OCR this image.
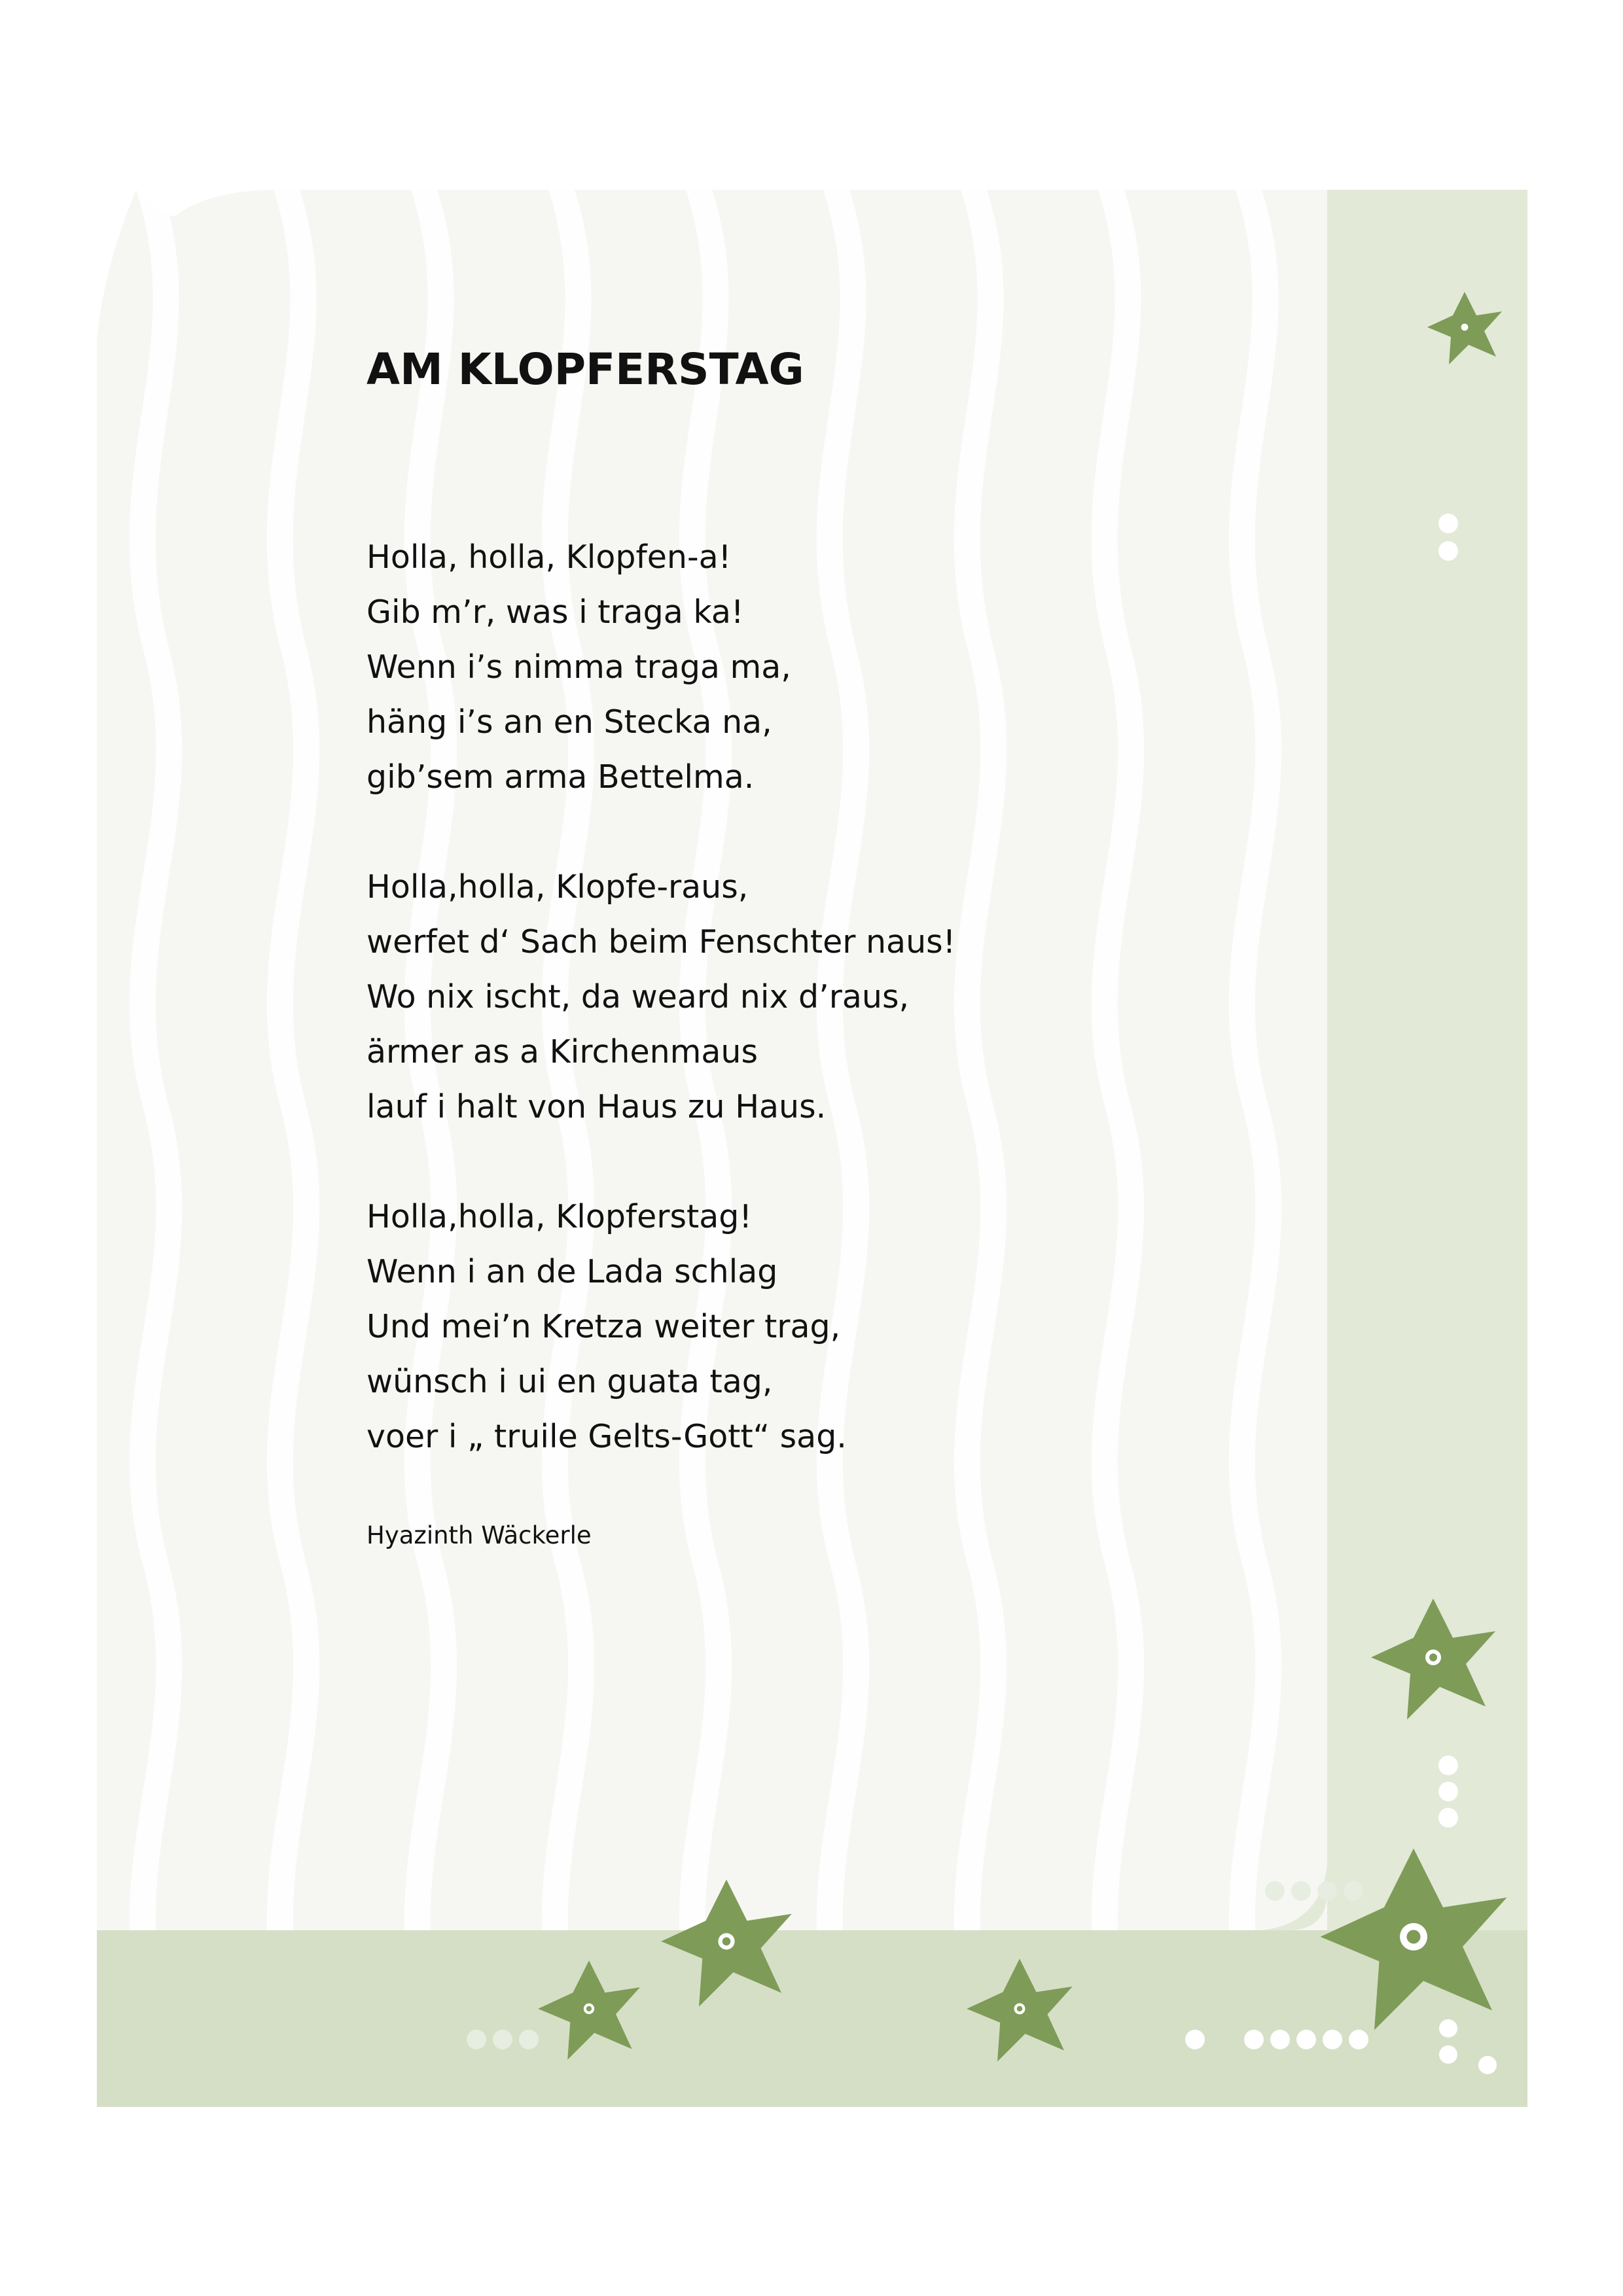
AM KLOPFERSTAG
Holla, holla, Klopfen-a!
Gib m’r, was i traga ka!
Wenn i’s nimma traga ma,
häng i’s an en Stecka na,
gib’sem arma Bettelma.
Holla,holla, Klopfe-raus,
werfet d‘ Sach beim Fenschter naus!
Wo nix ischt, da weard nix d’raus,
ärmer as a Kirchenmaus
lauf i halt von Haus zu Haus.
Holla,holla, Klopferstag!
Wenn i an de Lada schlag
Und mei’n Kretza weiter trag,
wünsch i ui en guata tag,
voer i „ truile Gelts-Gott“ sag.
Hyazinth Wäckerle
